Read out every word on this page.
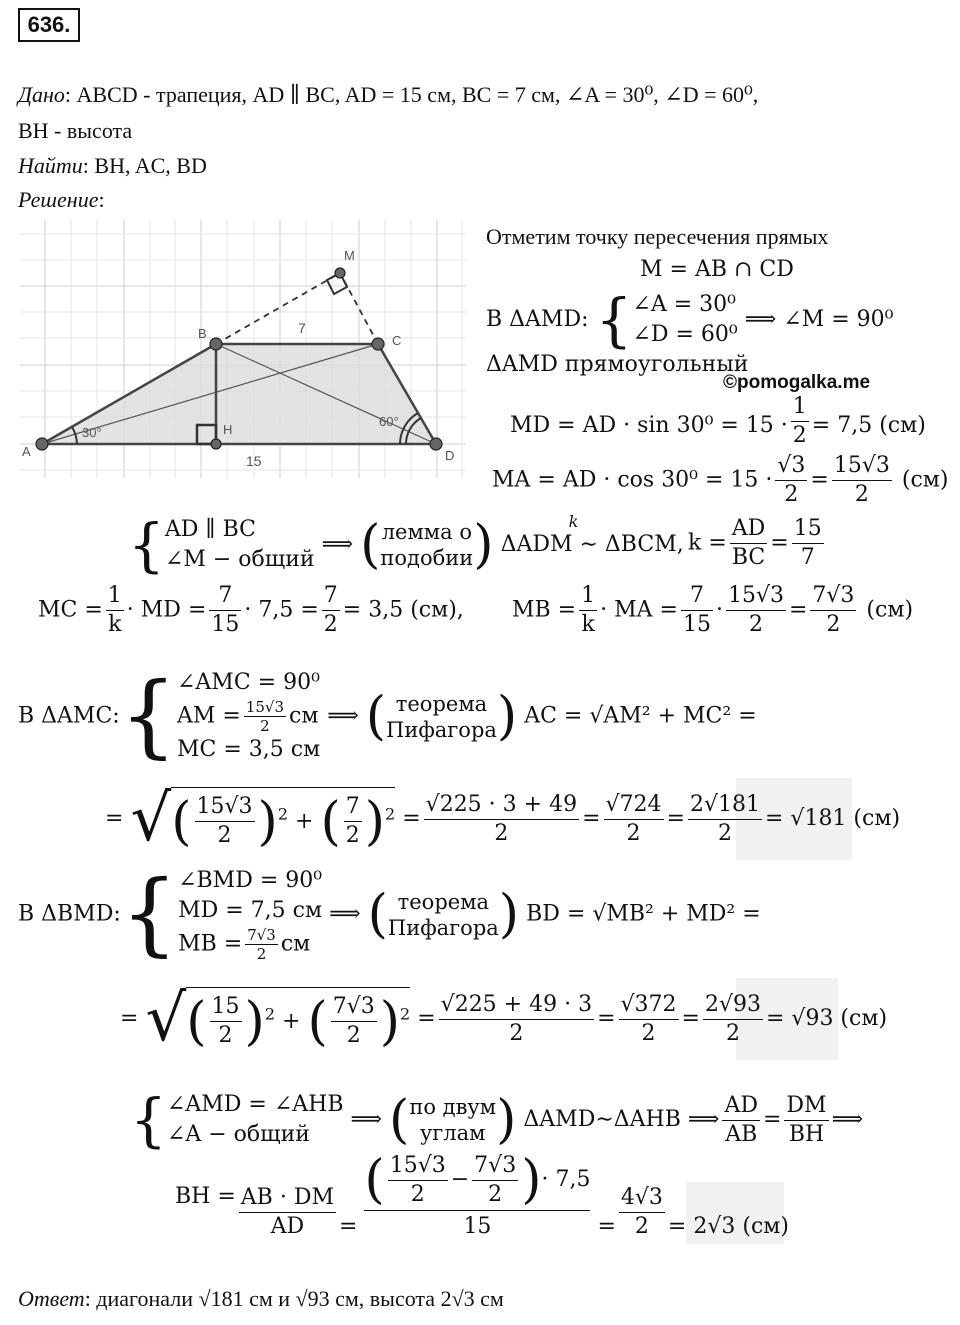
636.
Дано: ABCD - трапеция, AD ∥ BC, AD = 15 см, BC = 7 см, ∠A = 30⁰, ∠D = 60⁰,
BH - высота
Найти: BH, AC, BD
Решение:
A
B	C
D
H
M
7
15
30°
60°
Отметим точку пересечения прямых
M = AB ∩ CD
В ΔAMD: { ∠A = 30⁰
∠D = 60⁰
⟹ ∠M = 90⁰
ΔAMD прямоугольный
©pomogalka.me
MD = AD · $\sin 30^0 = 15 \cdot \frac{1}{2} = 7,5$ (см)
MA = AD · $\cos 30^0 = 15 \cdot \frac{√3}{2} = \frac{15√3}{2} (см)$
{ AD ∥ BC
∠M − общий
⟹ ( лемма о
подобии ) ΔADM ∼ ΔBCM,
k
$k = \frac{AD}{BC} = \frac{15}{7}$
MC = $\frac{1}{k}$ · MD = $\frac{7}{15} \cdot 7,5 = \frac{7}{2} = 3,5$ (см), MB = $\frac{1}{k}$ · MA = $\frac{7}{15} \cdot \frac{15√3}{2} = \frac{7√3}{2} (см)$
В ΔAMC:{ ∠AMC = 90⁰
AM = $\frac{15√3}{2}$ см
MC = 3,5 см
⟹ ( теорема
Пифагора ) AC = √AM² + MC² =
= √( $\frac{15√3}{2} )^2$ + ( $\frac{7}{2} )^2 = \frac{√225 \cdot 3 + 49}{2} = \frac{√724}{2} = \frac{2√181}{2} = √181$ (см)
В ΔBMD:{ ∠BMD = 90⁰
MD = 7,5 см
MB = $\frac{7√3}{2}$ см
⟹ ( теорема
Пифагора ) BD = √MB² + MD² =
= √( $\frac{15}{2} )^2$ + ( $\frac{7√3}{2} )^2 = \frac{√225 + 49 \cdot 3}{2} = \frac{√372}{2} = \frac{2√93}{2} = √93$ (см)
{ ∠AMD = ∠AHB
∠A − общий
⟹ ( по двум
углам ) ΔAMD∼ΔAHB ⟹ $\frac{AD}{AB} = \frac{DM}{BH}$ ⟹
BH = $\frac{AB \cdot DM}{AD} = \frac{( \frac{15√3}{2} - \frac{7√3}{2} )\cdot 7,5}{15} = \frac{4√3}{2} = 2√3$ (см)
Ответ: диагонали √181 см и √93 см, высота 2√3 см
